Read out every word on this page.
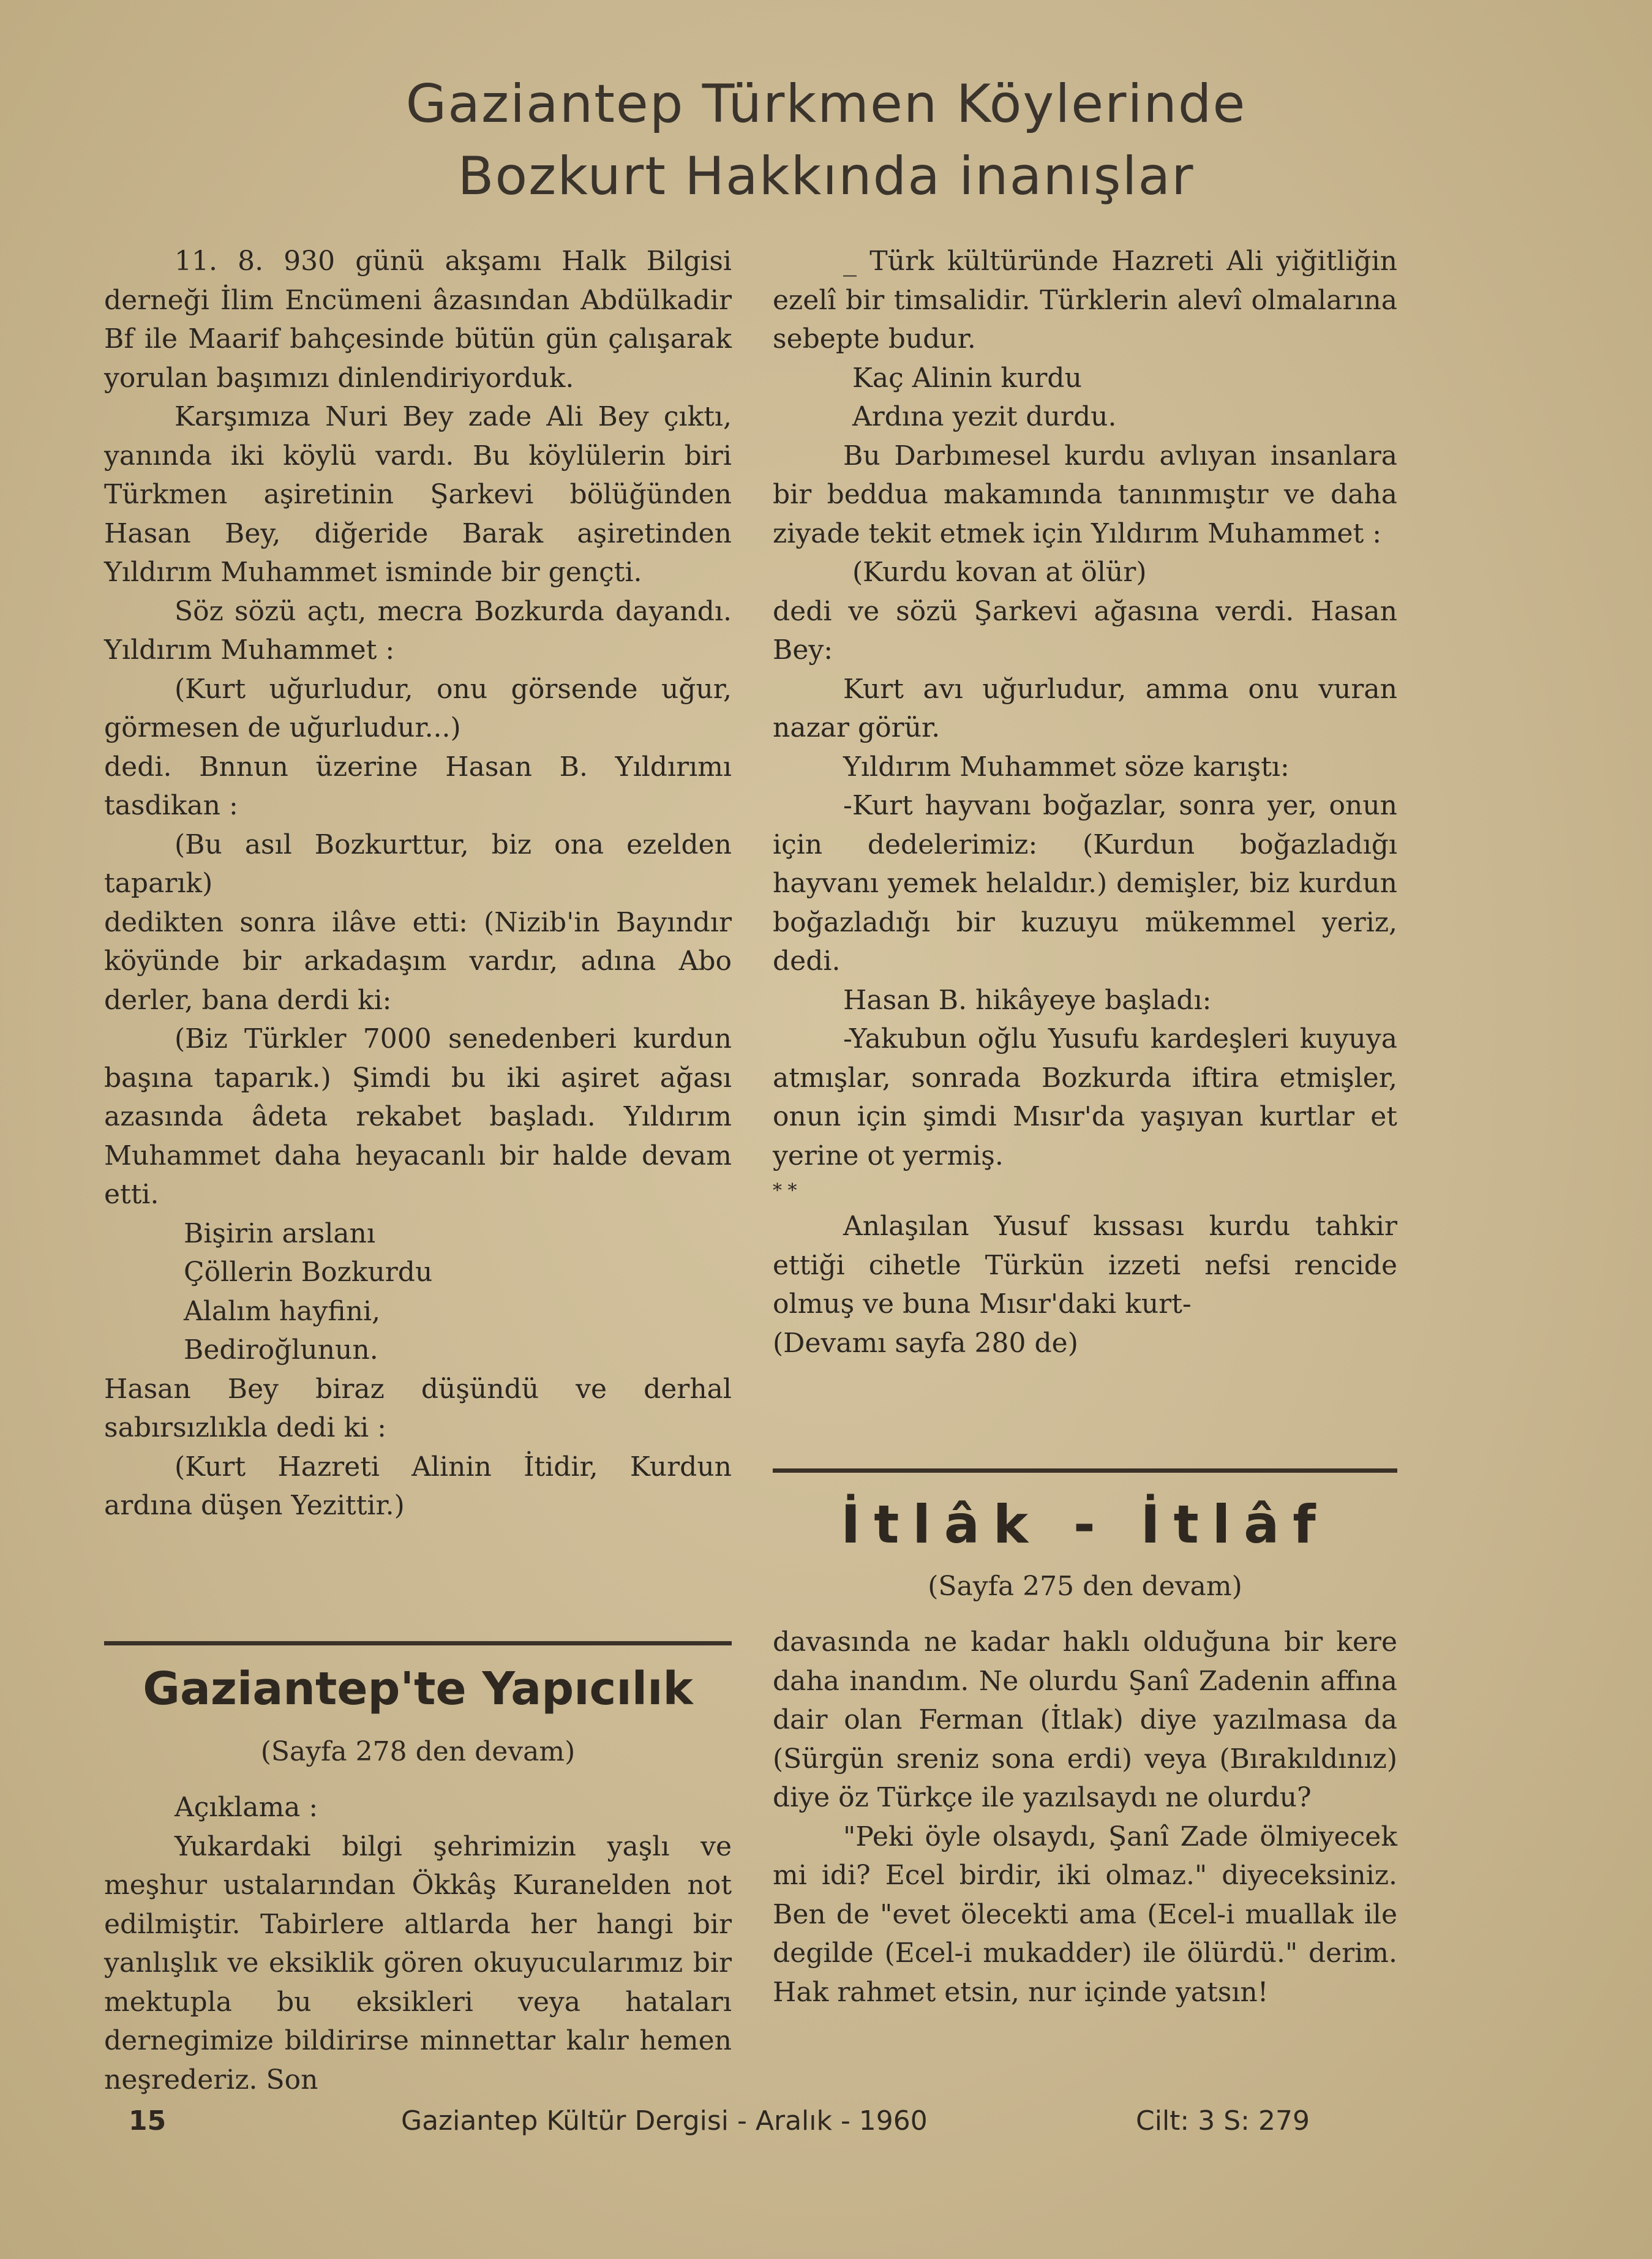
Gaziantep Türkmen Köylerinde
Bozkurt Hakkında inanışlar

11. 8. 930 günü akşamı Halk Bilgisi derneği İlim Encümeni âzasından Abdülkadir Bf ile Maarif bahçesinde bütün gün çalışarak yorulan başımızı dinlendiriyorduk.

Karşımıza Nuri Bey zade Ali Bey çıktı, yanında iki köylü vardı. Bu köylülerin biri Türkmen aşiretinin Şarkevi bölüğünden Hasan Bey, diğeride Barak aşiretinden Yıldırım Muhammet isminde bir gençti.

Söz sözü açtı, mecra Bozkurda dayandı. Yıldırım Muhammet :

(Kurt uğurludur, onu görsende uğur, görmesen de uğurludur...)

dedi. Bnnun üzerine Hasan B. Yıldırımı tasdikan :

(Bu asıl Bozkurttur, biz ona ezelden taparık)

dedikten sonra ilâve etti: (Nizib'in Bayındır köyünde bir arkadaşım vardır, adına Abo derler, bana derdi ki:

(Biz Türkler 7000 senedenberi kurdun başına taparık.) Şimdi bu iki aşiret ağası azasında âdeta rekabet başladı. Yıldırım Muhammet daha heyacanlı bir halde devam etti.

Bişirin arslanı

Çöllerin Bozkurdu

Alalım hayfini,

Bediroğlunun.

Hasan Bey biraz düşündü ve derhal sabırsızlıkla dedi ki :

(Kurt Hazreti Alinin İtidir, Kurdun ardına düşen Yezittir.)

_ Türk kültüründe Hazreti Ali yiğitliğin ezelî bir timsalidir. Türklerin alevî olmalarına sebepte budur.

Kaç Alinin kurdu

Ardına yezit durdu.

Bu Darbımesel kurdu avlıyan insanlara bir beddua makamında tanınmıştır ve daha ziyade tekit etmek için Yıldırım Muhammet :

(Kurdu kovan at ölür)

dedi ve sözü Şarkevi ağasına verdi. Hasan Bey:

Kurt avı uğurludur, amma onu vuran nazar görür.

Yıldırım Muhammet söze karıştı:

-Kurt hayvanı boğazlar, sonra yer, onun için dedelerimiz: (Kurdun boğazladığı hayvanı yemek helaldır.) demişler, biz kurdun boğazladığı bir kuzuyu mükemmel yeriz, dedi.

Hasan B. hikâyeye başladı:

-Yakubun oğlu Yusufu kardeşleri kuyuya atmışlar, sonrada Bozkurda iftira etmişler, onun için şimdi Mısır'da yaşıyan kurtlar et yerine ot yermiş.

* *

Anlaşılan Yusuf kıssası kurdu tahkir ettiği cihetle Türkün izzeti nefsi rencide olmuş ve buna Mısır'daki kurt-

(Devamı sayfa 280 de)

İtlâk - İtlâf

(Sayfa 275 den devam)

davasında ne kadar haklı olduğuna bir kere daha inandım. Ne olurdu Şanî Zadenin affına dair olan Ferman (İtlak) diye yazılmasa da (Sürgün sreniz sona erdi) veya (Bırakıldınız) diye öz Türkçe ile yazılsaydı ne olurdu?

"Peki öyle olsaydı, Şanî Zade ölmiyecek mi idi? Ecel birdir, iki olmaz." diyeceksiniz. Ben de "evet ölecekti ama (Ecel-i muallak ile degilde (Ecel-i mukadder) ile ölürdü." derim. Hak rahmet etsin, nur içinde yatsın!

Gaziantep'te Yapıcılık

(Sayfa 278 den devam)

Açıklama :

Yukardaki bilgi şehrimizin yaşlı ve meşhur ustalarından Ökkâş Kuranelden not edilmiştir. Tabirlere altlarda her hangi bir yanlışlık ve eksiklik gören okuyucularımız bir mektupla bu eksikleri veya hataları dernegimize bildirirse minnettar kalır hemen neşrederiz. Son

15	Gaziantep Kültür Dergisi - Aralık - 1960	Cilt: 3 S: 279
